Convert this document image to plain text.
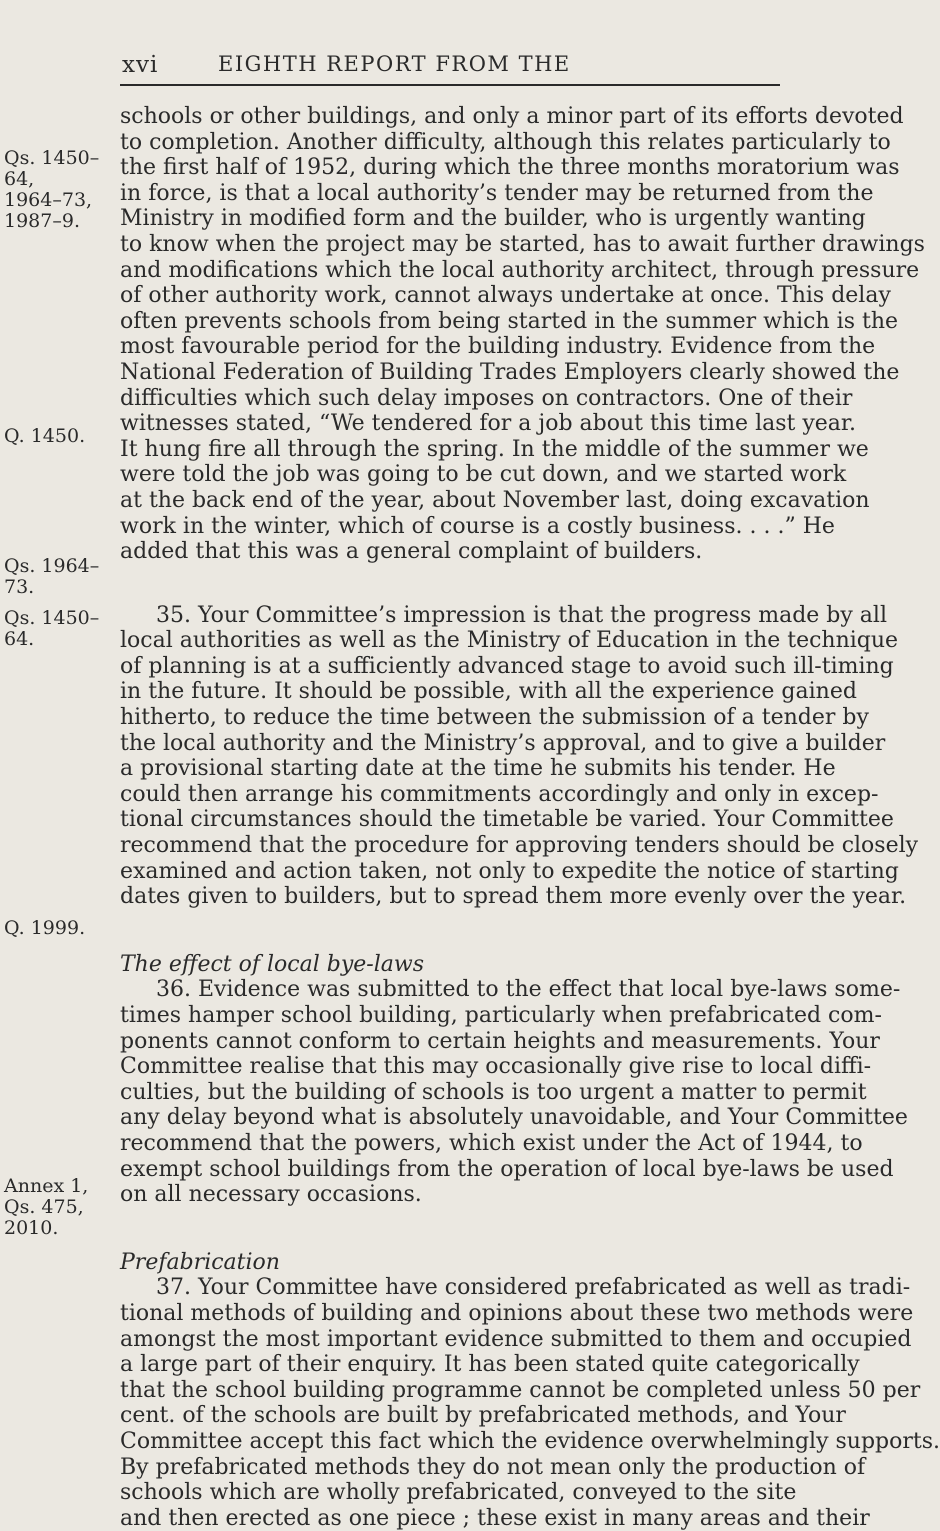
xvi	EIGHTH REPORT FROM THE
Qs. 1450–64,
1964–73,
1987–9.
Q. 1450.
Qs. 1964–73.
Qs. 1450–64.
Q. 1999.
Annex 1,
Qs. 475,
2010.
schools or other buildings, and only a minor part of its efforts devoted
to completion. Another difficulty, although this relates particularly to
the first half of 1952, during which the three months moratorium was
in force, is that a local authority’s tender may be returned from the
Ministry in modified form and the builder, who is urgently wanting
to know when the project may be started, has to await further drawings
and modifications which the local authority architect, through pressure
of other authority work, cannot always undertake at once. This delay
often prevents schools from being started in the summer which is the
most favourable period for the building industry. Evidence from the
National Federation of Building Trades Employers clearly showed the
difficulties which such delay imposes on contractors. One of their
witnesses stated, “We tendered for a job about this time last year.
It hung fire all through the spring. In the middle of the summer we
were told the job was going to be cut down, and we started work
at the back end of the year, about November last, doing excavation
work in the winter, which of course is a costly business. . . .” He
added that this was a general complaint of builders.
35. Your Committee’s impression is that the progress made by all
local authorities as well as the Ministry of Education in the technique
of planning is at a sufficiently advanced stage to avoid such ill-timing
in the future. It should be possible, with all the experience gained
hitherto, to reduce the time between the submission of a tender by
the local authority and the Ministry’s approval, and to give a builder
a provisional starting date at the time he submits his tender. He
could then arrange his commitments accordingly and only in excep-
tional circumstances should the timetable be varied. Your Committee
recommend that the procedure for approving tenders should be closely
examined and action taken, not only to expedite the notice of starting
dates given to builders, but to spread them more evenly over the year.
The effect of local bye-laws
36. Evidence was submitted to the effect that local bye-laws some-
times hamper school building, particularly when prefabricated com-
ponents cannot conform to certain heights and measurements. Your
Committee realise that this may occasionally give rise to local diffi-
culties, but the building of schools is too urgent a matter to permit
any delay beyond what is absolutely unavoidable, and Your Committee
recommend that the powers, which exist under the Act of 1944, to
exempt school buildings from the operation of local bye-laws be used
on all necessary occasions.
Prefabrication
37. Your Committee have considered prefabricated as well as tradi-
tional methods of building and opinions about these two methods were
amongst the most important evidence submitted to them and occupied
a large part of their enquiry. It has been stated quite categorically
that the school building programme cannot be completed unless 50 per
cent. of the schools are built by prefabricated methods, and Your
Committee accept this fact which the evidence overwhelmingly supports.
By prefabricated methods they do not mean only the production of
schools which are wholly prefabricated, conveyed to the site
and then erected as one piece ; these exist in many areas and their
